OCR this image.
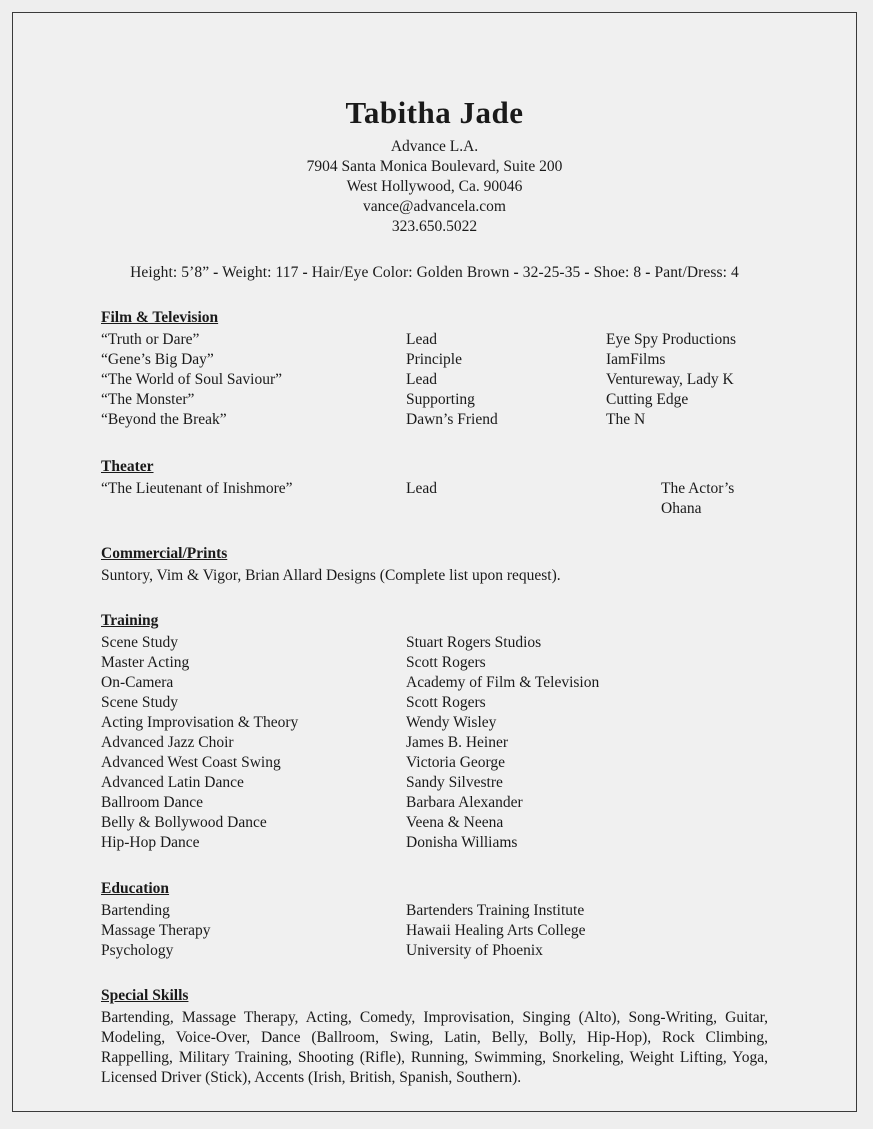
Tabitha Jade
Advance L.A.
7904 Santa Monica Boulevard, Suite 200
West Hollywood, Ca. 90046
vance@advancela.com
323.650.5022
Height: 5’8” - Weight: 117 - Hair/Eye Color: Golden Brown - 32-25-35 - Shoe: 8 - Pant/Dress: 4
Film & Television
“Truth or Dare”	Lead	Eye Spy Productions
“Gene’s Big Day”	Principle	IamFilms
“The World of Soul Saviour”	Lead	Ventureway, Lady K
“The Monster”	Supporting	Cutting Edge
“Beyond the Break”	Dawn’s Friend	The N
Theater
“The Lieutenant of Inishmore”	Lead	The Actor’s Ohana
Commercial/Prints
Suntory, Vim & Vigor, Brian Allard Designs (Complete list upon request).
Training
Scene Study	Stuart Rogers Studios
Master Acting	Scott Rogers
On-Camera	Academy of Film & Television
Scene Study	Scott Rogers
Acting Improvisation & Theory	Wendy Wisley
Advanced Jazz Choir	James B. Heiner
Advanced West Coast Swing	Victoria George
Advanced Latin Dance	Sandy Silvestre
Ballroom Dance	Barbara Alexander
Belly & Bollywood Dance	Veena & Neena
Hip-Hop Dance	Donisha Williams
Education
Bartending	Bartenders Training Institute
Massage Therapy	Hawaii Healing Arts College
Psychology	University of Phoenix
Special Skills
Bartending, Massage Therapy, Acting, Comedy, Improvisation, Singing (Alto), Song-Writing, Guitar, Modeling, Voice-Over, Dance (Ballroom, Swing, Latin, Belly, Bolly, Hip-Hop), Rock Climbing, Rappelling, Military Training, Shooting (Rifle), Running, Swimming, Snorkeling, Weight Lifting, Yoga, Licensed Driver (Stick), Accents (Irish, British, Spanish, Southern).
